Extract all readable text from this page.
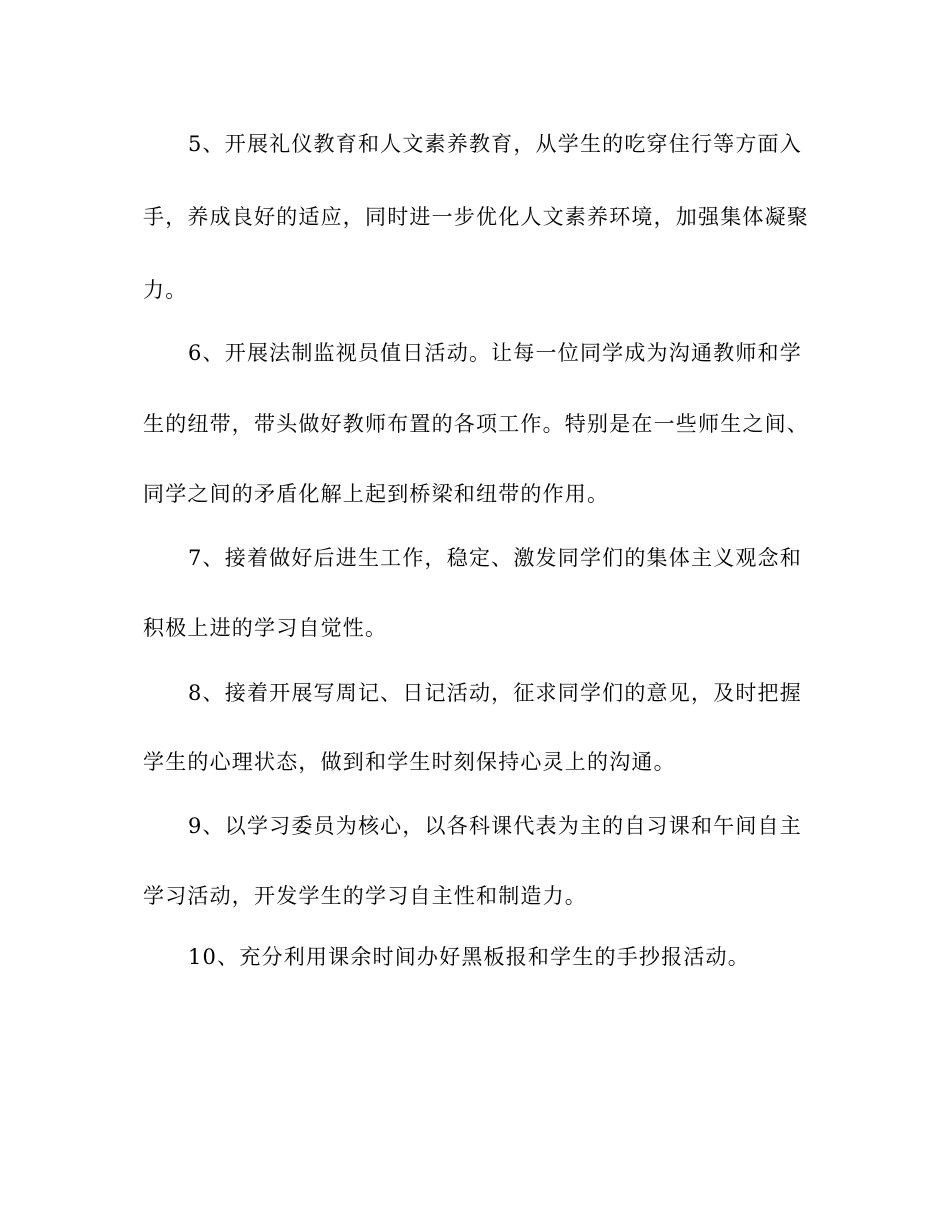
5、开展礼仪教育和人文素养教育，从学生的吃穿住行等方面入
手，养成良好的适应，同时进一步优化人文素养环境，加强集体凝聚
力。
6、开展法制监视员值日活动。让每一位同学成为沟通教师和学
生的纽带，带头做好教师布置的各项工作。特别是在一些师生之间、
同学之间的矛盾化解上起到桥梁和纽带的作用。
7、接着做好后进生工作，稳定、激发同学们的集体主义观念和
积极上进的学习自觉性。
8、接着开展写周记、日记活动，征求同学们的意见，及时把握
学生的心理状态，做到和学生时刻保持心灵上的沟通。
9、以学习委员为核心，以各科课代表为主的自习课和午间自主
学习活动，开发学生的学习自主性和制造力。
10、充分利用课余时间办好黑板报和学生的手抄报活动。
